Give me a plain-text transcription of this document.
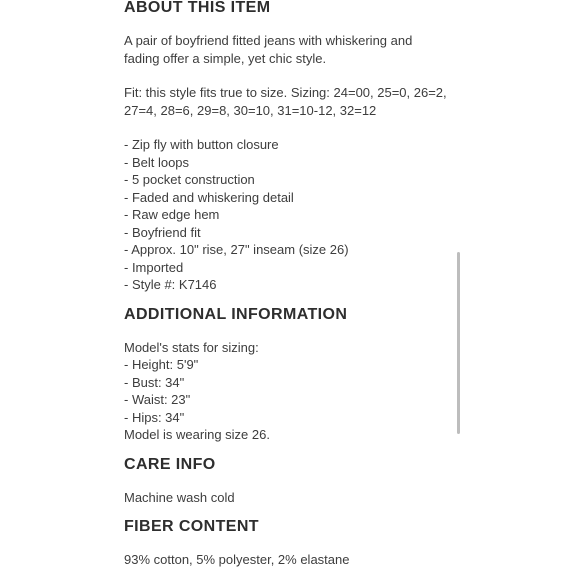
ABOUT THIS ITEM

A pair of boyfriend fitted jeans with whiskering and

fading offer a simple, yet chic style.

Fit: this style fits true to size. Sizing: 24=00, 25=0, 26=2,

27=4, 28=6, 29=8, 30=10, 31=10-12, 32=12

- Zip fly with button closure
- Belt loops
- 5 pocket construction
- Faded and whiskering detail
- Raw edge hem
- Boyfriend fit
- Approx. 10" rise, 27" inseam (size 26)
- Imported
- Style #: K7146
ADDITIONAL INFORMATION
Model's stats for sizing:
- Height: 5'9"
- Bust: 34"
- Waist: 23"
- Hips: 34"
Model is wearing size 26.
CARE INFO

Machine wash cold

FIBER CONTENT

93% cotton, 5% polyester, 2% elastane
